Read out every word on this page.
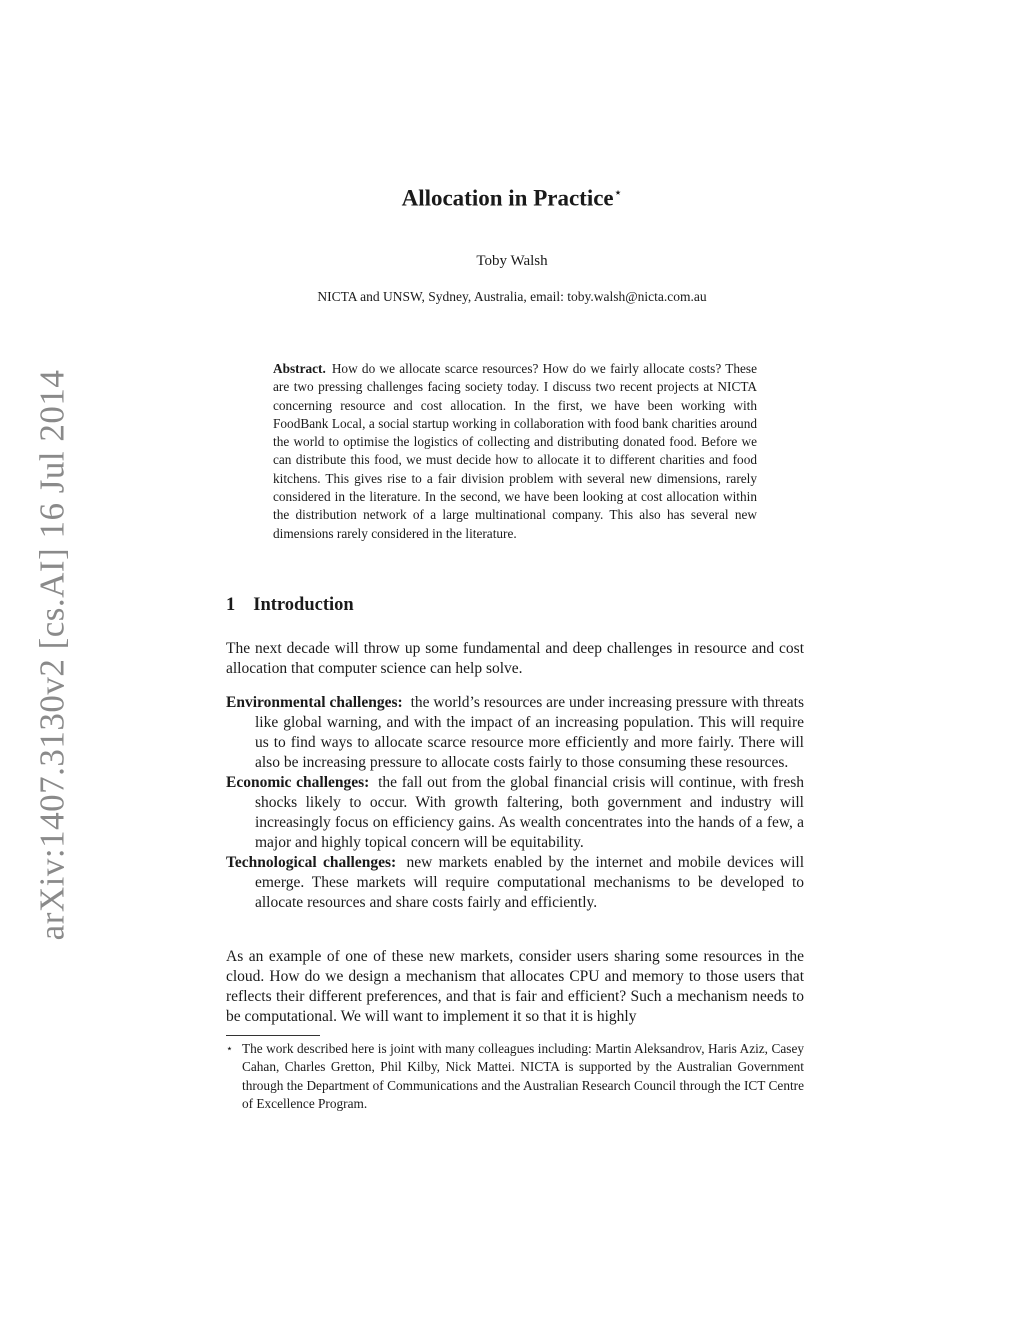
arXiv:1407.3130v2 [cs.AI] 16 Jul 2014
Allocation in Practice⋆
Toby Walsh
NICTA and UNSW, Sydney, Australia, email: toby.walsh@nicta.com.au
Abstract. How do we allocate scarce resources? How do we fairly allocate costs? These are two pressing challenges facing society today. I discuss two recent projects at NICTA concerning resource and cost allocation. In the first, we have been working with FoodBank Local, a social startup working in collaboration with food bank charities around the world to optimise the logistics of collecting and distributing donated food. Before we can distribute this food, we must decide how to allocate it to different charities and food kitchens. This gives rise to a fair division problem with several new dimensions, rarely considered in the literature. In the second, we have been looking at cost allocation within the distribution network of a large multinational company. This also has several new dimensions rarely considered in the literature.
1 Introduction

The next decade will throw up some fundamental and deep challenges in resource and cost allocation that computer science can help solve.

Environmental challenges: the world’s resources are under increasing pressure with threats like global warning, and with the impact of an increasing population. This will require us to find ways to allocate scarce resource more efficiently and more fairly. There will also be increasing pressure to allocate costs fairly to those consuming these resources.

Economic challenges: the fall out from the global financial crisis will continue, with fresh shocks likely to occur. With growth faltering, both government and industry will increasingly focus on efficiency gains. As wealth concentrates into the hands of a few, a major and highly topical concern will be equitability.

Technological challenges: new markets enabled by the internet and mobile devices will emerge. These markets will require computational mechanisms to be developed to allocate resources and share costs fairly and efficiently.

As an example of one of these new markets, consider users sharing some resources in the cloud. How do we design a mechanism that allocates CPU and memory to those users that reflects their different preferences, and that is fair and efficient? Such a mechanism needs to be computational. We will want to implement it so that it is highly

⋆ The work described here is joint with many colleagues including: Martin Aleksandrov, Haris Aziz, Casey Cahan, Charles Gretton, Phil Kilby, Nick Mattei. NICTA is supported by the Australian Government through the Department of Communications and the Australian Research Council through the ICT Centre of Excellence Program.
